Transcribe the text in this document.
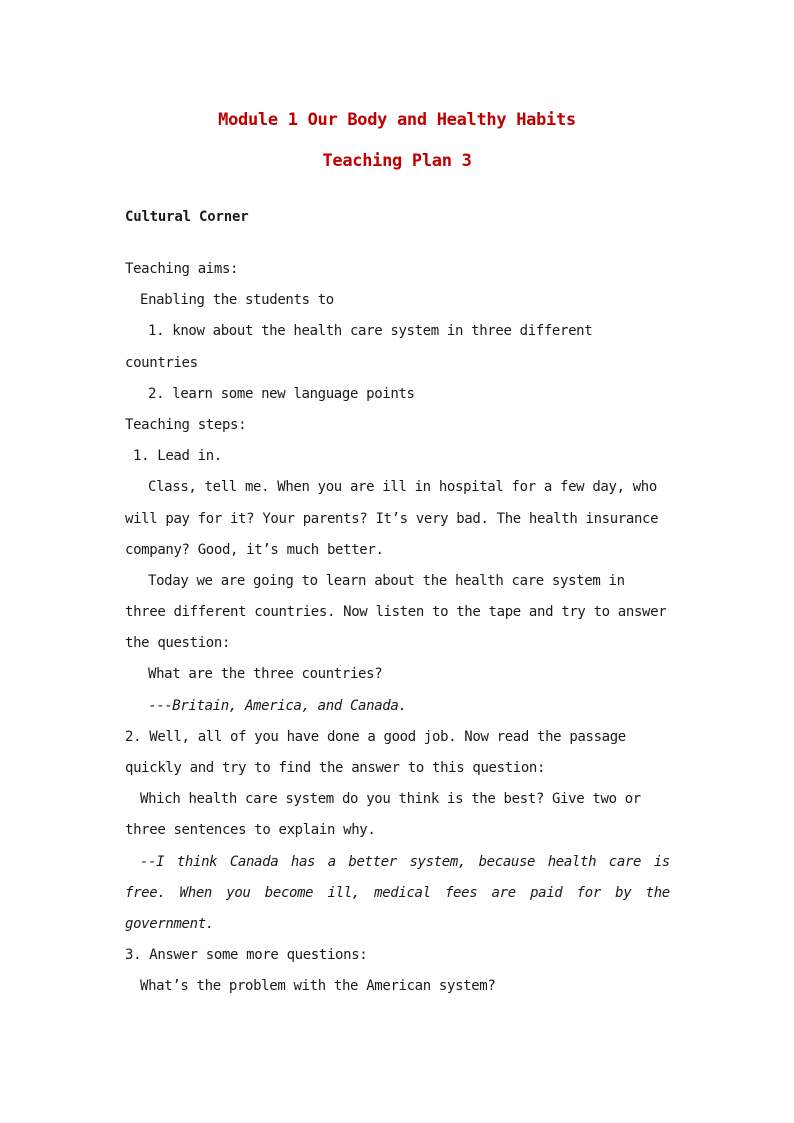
Module 1 Our Body and Healthy Habits
Teaching Plan 3
Cultural Corner
Teaching aims:
Enabling the students to
1. know about the health care system in three different
countries
2. learn some new language points
Teaching steps:
1. Lead in.
Class, tell me. When you are ill in hospital for a few day, who
will pay for it? Your parents? It’s very bad. The health insurance
company? Good, it’s much better.
Today we are going to learn about the health care system in
three different countries. Now listen to the tape and try to answer
the question:
What are the three countries?
---Britain, America, and Canada.
2. Well, all of you have done a good job. Now read the passage
quickly and try to find the answer to this question:
Which health care system do you think is the best? Give two or
three sentences to explain why.
--I think Canada has a better system, because health care is
free. When you become ill, medical fees are paid for by the
government.
3. Answer some more questions:
What’s the problem with the American system?
